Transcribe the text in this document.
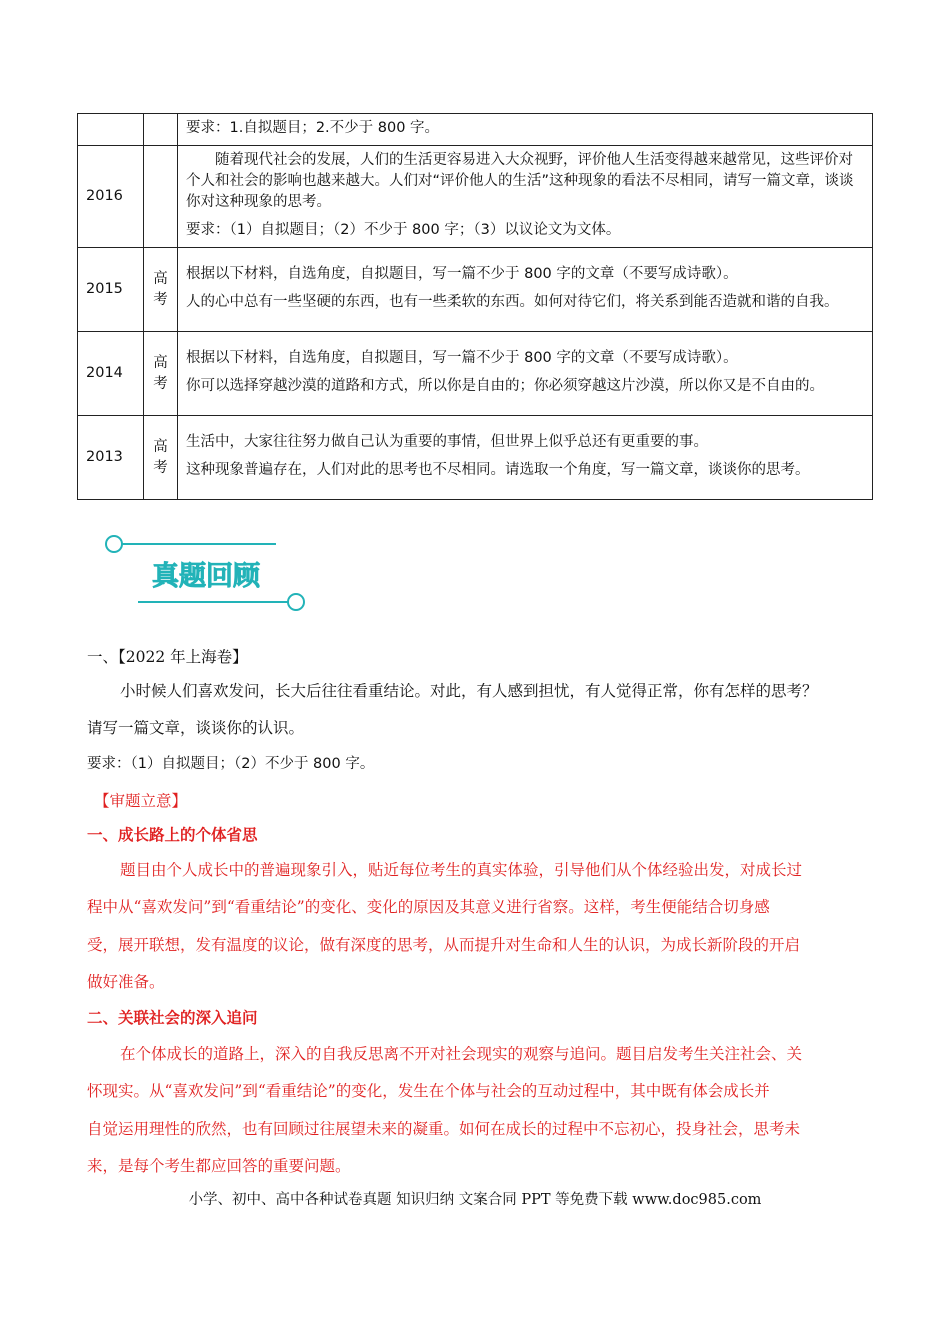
		要求：1.自拟题目；2.不少于 800 字。

2016		随着现代社会的发展，人们的生活更容易进入大众视野，评价他人生活变得越来越常见，这些评价对个人和社会的影响也越来越大。人们对“评价他人的生活”这种现象的看法不尽相同，请写一篇文章，谈谈你对这种现象的思考。

要求：（1）自拟题目；（2）不少于 800 字；（3）以议论文为文体。

2015	高考	根据以下材料，自选角度，自拟题目，写一篇不少于 800 字的文章（不要写成诗歌）。

人的心中总有一些坚硬的东西，也有一些柔软的东西。如何对待它们，将关系到能否造就和谐的自我。

2014	高考	根据以下材料，自选角度，自拟题目，写一篇不少于 800 字的文章（不要写成诗歌）。

你可以选择穿越沙漠的道路和方式，所以你是自由的；你必须穿越这片沙漠，所以你又是不自由的。

2013	高考	生活中，大家往往努力做自己认为重要的事情，但世界上似乎总还有更重要的事。

这种现象普遍存在，人们对此的思考也不尽相同。请选取一个角度，写一篇文章，谈谈你的思考。

真题回顾
一、【2022 年上海卷】
小时候人们喜欢发问，长大后往往看重结论。对此，有人感到担忧，有人觉得正常，你有怎样的思考？
请写一篇文章，谈谈你的认识。
要求：（1）自拟题目；（2）不少于 800 字。
【审题立意】
一、成长路上的个体省思
题目由个人成长中的普遍现象引入，贴近每位考生的真实体验，引导他们从个体经验出发，对成长过
程中从“喜欢发问”到“看重结论”的变化、变化的原因及其意义进行省察。这样，考生便能结合切身感
受，展开联想，发有温度的议论，做有深度的思考，从而提升对生命和人生的认识，为成长新阶段的开启
做好准备。
二、关联社会的深入追问
在个体成长的道路上，深入的自我反思离不开对社会现实的观察与追问。题目启发考生关注社会、关
怀现实。从“喜欢发问”到“看重结论”的变化，发生在个体与社会的互动过程中，其中既有体会成长并
自觉运用理性的欣然，也有回顾过往展望未来的凝重。如何在成长的过程中不忘初心，投身社会，思考未
来，是每个考生都应回答的重要问题。
小学、初中、高中各种试卷真题 知识归纳 文案合同 PPT 等免费下载 www.doc985.com
